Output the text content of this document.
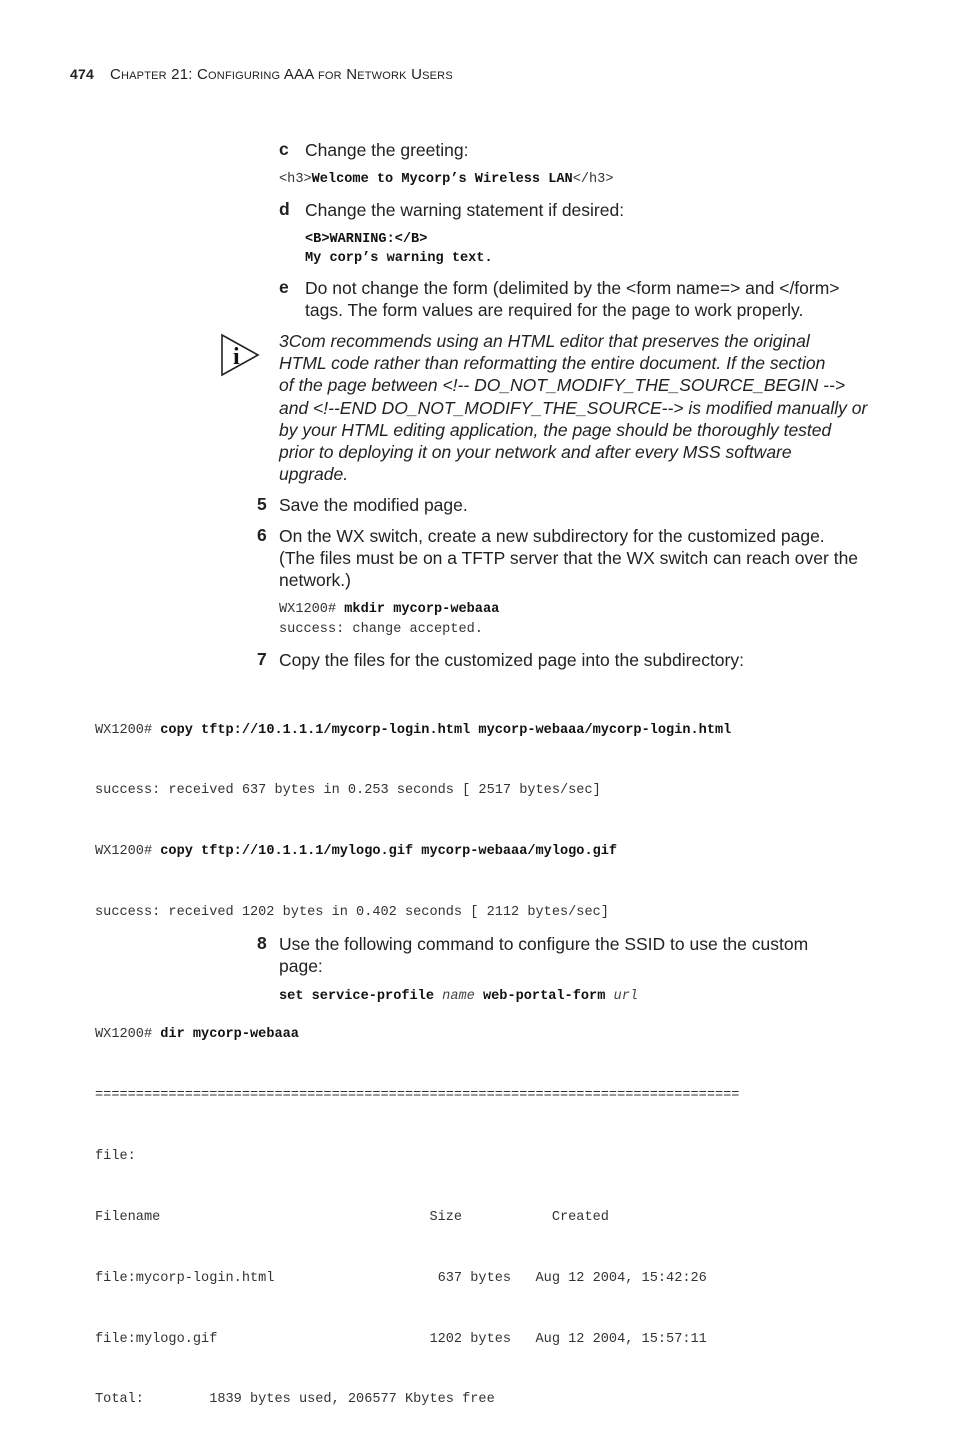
474 Chapter 21: Configuring AAA for Network Users
c Change the greeting:
<h3>Welcome to Mycorp’s Wireless LAN</h3>
d Change the warning statement if desired:
<B>WARNING:</B>
My corp’s warning text.
e Do not change the form (delimited by the <form name=> and </form>
tags. The form values are required for the page to work properly.
i
3Com recommends using an HTML editor that preserves the original
HTML code rather than reformatting the entire document. If the section
of the page between <!-- DO_NOT_MODIFY_THE_SOURCE_BEGIN -->
and <!--END DO_NOT_MODIFY_THE_SOURCE--> is modified manually or
by your HTML editing application, the page should be thoroughly tested
prior to deploying it on your network and after every MSS software
upgrade.
5 Save the modified page.
6 On the WX switch, create a new subdirectory for the customized page.
(The files must be on a TFTP server that the WX switch can reach over the
network.)
WX1200# mkdir mycorp-webaaa
success: change accepted.
7 Copy the files for the customized page into the subdirectory:

WX1200# copy tftp://10.1.1.1/mycorp-login.html mycorp-webaaa/mycorp-login.html

success: received 637 bytes in 0.253 seconds [ 2517 bytes/sec]

WX1200# copy tftp://10.1.1.1/mylogo.gif mycorp-webaaa/mylogo.gif

success: received 1202 bytes in 0.402 seconds [ 2112 bytes/sec]

WX1200# dir mycorp-webaaa

===============================================================================

file:

Filename                                 Size           Created

file:mycorp-login.html                    637 bytes   Aug 12 2004, 15:42:26

file:mylogo.gif                          1202 bytes   Aug 12 2004, 15:57:11

Total:        1839 bytes used, 206577 Kbytes free

8 Use the following command to configure the SSID to use the custom
page:
set service-profile name web-portal-form url
